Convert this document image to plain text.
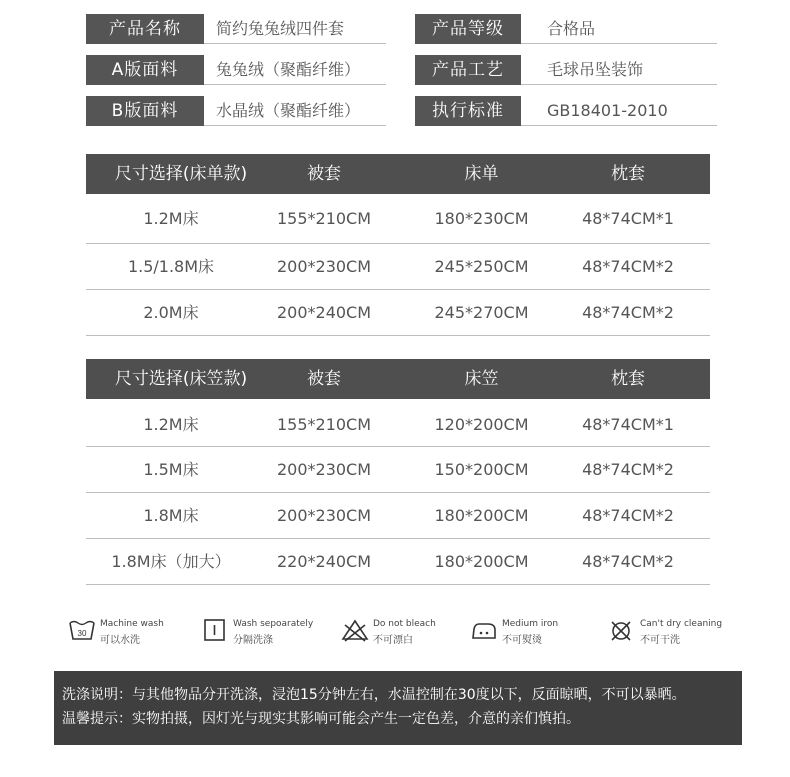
产品名称	简约兔兔绒四件套	产品等级	合格品
A版面料	兔兔绒（聚酯纤维）	产品工艺	毛球吊坠装饰
B版面料	水晶绒（聚酯纤维）	执行标准	GB18401-2010
尺寸选择(床单款)	被套	床单	枕套
1.2M床	155*210CM	180*230CM	48*74CM*1
1.5/1.8M床	200*230CM	245*250CM	48*74CM*2
2.0M床	200*240CM	245*270CM	48*74CM*2
尺寸选择(床笠款)	被套	床笠	枕套
1.2M床	155*210CM	120*200CM	48*74CM*1
1.5M床	200*230CM	150*200CM	48*74CM*2
1.8M床	200*230CM	180*200CM	48*74CM*2
1.8M床（加大）	220*240CM	180*200CM	48*74CM*2
30
Machine wash
可以水洗
Wash sepoarately
分隔洗涤
Do not bleach
不可漂白
Medium iron
不可熨烫
Can't dry cleaning
不可干洗
洗涤说明：与其他物品分开洗涤，浸泡15分钟左右，水温控制在30度以下，反面晾晒，不可以暴晒。
温馨提示：实物拍摄，因灯光与现实其影响可能会产生一定色差，介意的亲们慎拍。
